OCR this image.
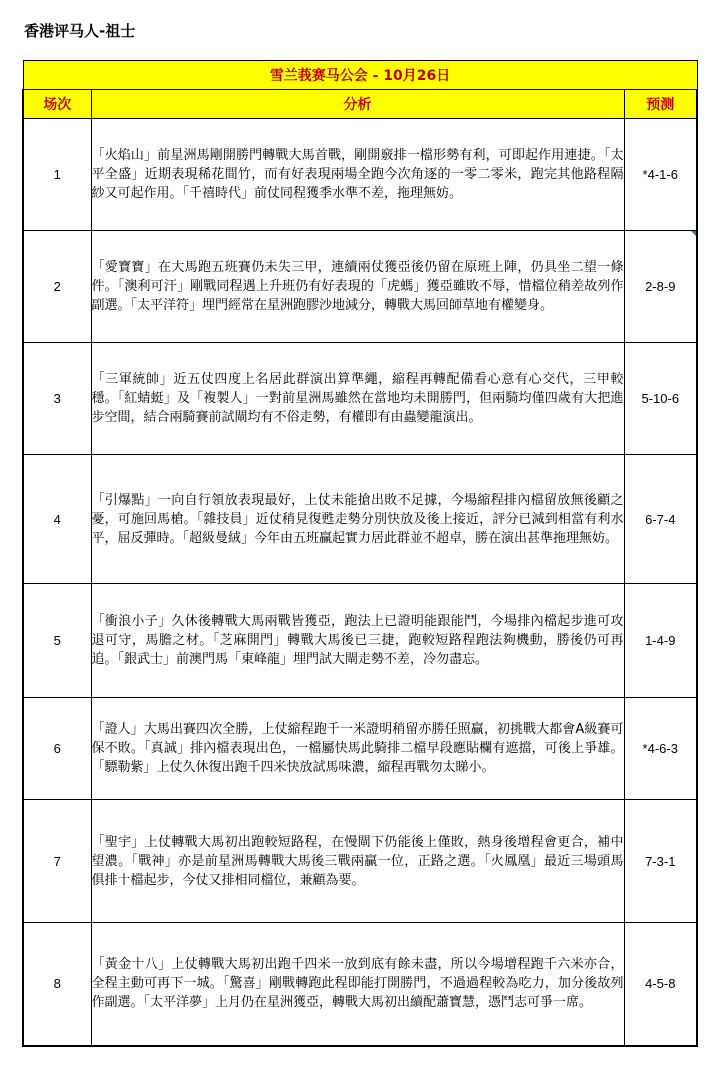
香港评马人-祖士
雪兰莪赛马公会 - 10月26日		
场次	分析	预测
1	「火焰山」前星洲馬剛開勝門轉戰大馬首戰，剛開竅排一檔形勢有利，可即起作用連捷。「太平全盛」近期表現稀花間竹，而有好表現兩場全跑今次角逐的一零二零米，跑完其他路程隔紗又可起作用。「千禧時代」前仗同程獲季水準不差，拖理無妨。	*4-1-6
2	「愛寶寶」在大馬跑五班賽仍未失三甲，連續兩仗獲亞後仍留在原班上陣，仍具坐二望一條件。「澳利可汗」剛戰同程遇上升班仍有好表現的「虎螞」獲亞雖敗不辱，惜檔位稍差故列作副選。「太平洋符」埋門經常在星洲跑膠沙地減分，轉戰大馬回師草地有權變身。	2-8-9
3	「三軍統帥」近五仗四度上名居此群演出算準繩，縮程再轉配備看心意有心交代，三甲較穩。「紅蜻蜓」及「複製人」一對前星洲馬雖然在當地均未開勝門，但兩騎均僅四歲有大把進步空間，結合兩騎賽前試閘均有不俗走勢，有權即有由蟲變龍演出。	5-10-6
4	「引爆點」一向自行領放表現最好，上仗未能搶出敗不足據，今場縮程排內檔留放無後顧之憂，可施回馬槍。「雜技員」近仗稍見復甦走勢分別快放及後上接近，評分已減到相當有利水平，屈反彈時。「超級曼絨」今年由五班贏起實力居此群並不超卓，勝在演出甚準拖理無妨。	6-7-4
5	「衝浪小子」久休後轉戰大馬兩戰皆獲亞，跑法上已證明能跟能鬥，今場排內檔起步進可攻退可守，馬膽之材。「芝麻開門」轉戰大馬後已三捷，跑較短路程跑法夠機動，勝後仍可再追。「銀武士」前澳門馬「東峰龍」埋門試大閘走勢不差，冷勿盡忘。	1-4-9
6	「證人」大馬出賽四次全勝，上仗縮程跑千一米證明稍留亦勝任照贏，初挑戰大都會A級賽可保不敗。「真誠」排內檔表現出色，一檔屬快馬此騎排二檔早段應貼欄有遮擋，可後上爭雄。「驃勒紫」上仗久休復出跑千四米快放試馬味濃，縮程再戰勿太睇小。	*4-6-3
7	「聖宇」上仗轉戰大馬初出跑較短路程，在慢閘下仍能後上僅敗，熱身後增程會更合，補中望濃。「戰神」亦是前星洲馬轉戰大馬後三戰兩贏一位，正路之選。「火鳳凰」最近三場頭馬俱排十檔起步，今仗又排相同檔位，兼顧為要。	7-3-1
8	「黃金十八」上仗轉戰大馬初出跑千四米一放到底有餘未盡，所以今場增程跑千六米亦合，全程主動可再下一城。「驚喜」剛戰轉跑此程即能打開勝門，不過過程較為吃力，加分後故列作副選。「太平洋夢」上月仍在星洲獲亞，轉戰大馬初出續配蕭寶慧，憑鬥志可爭一席。	4-5-8
